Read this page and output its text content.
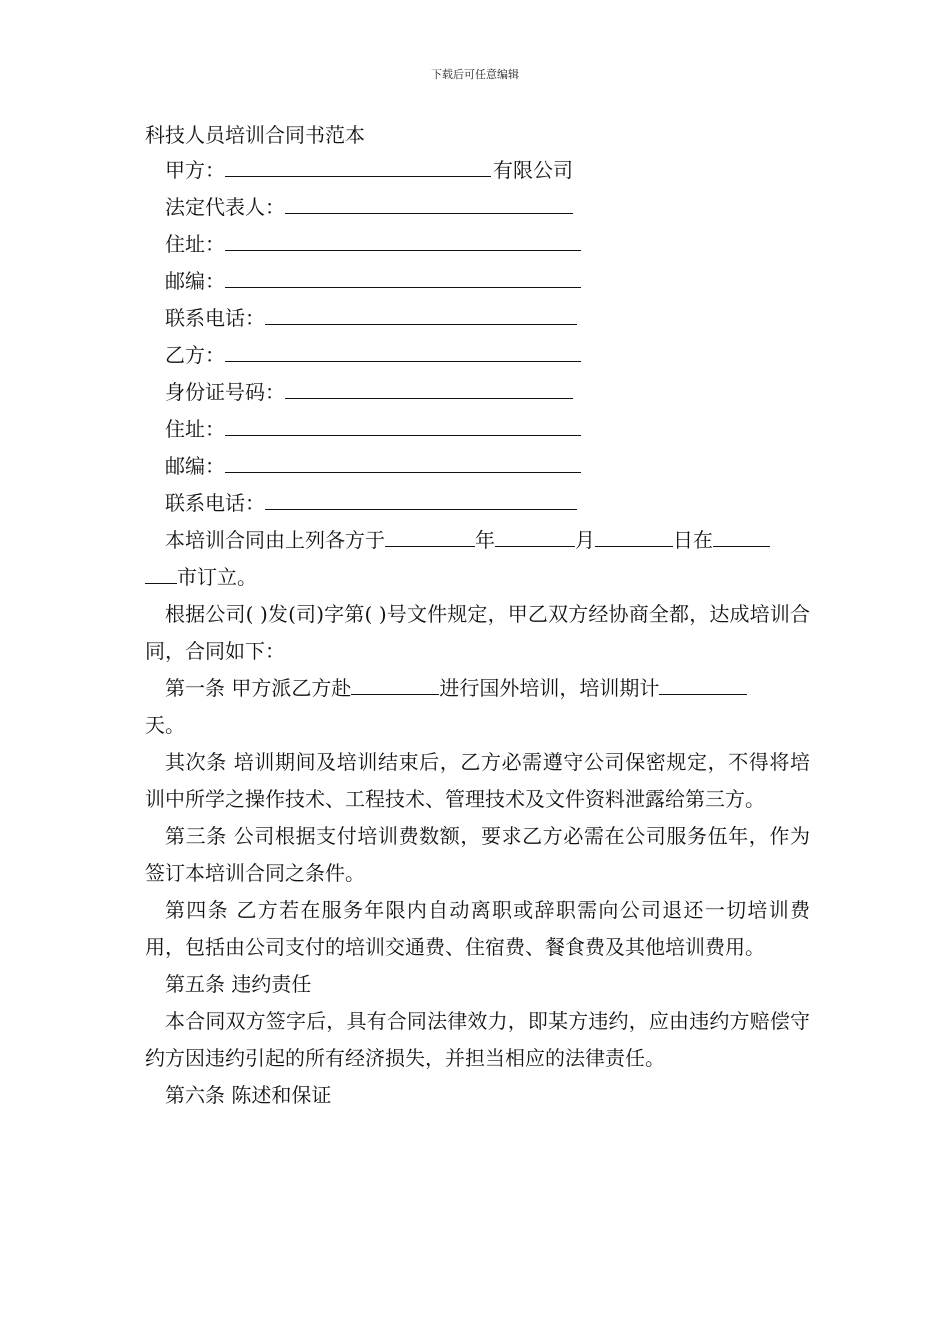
下载后可任意编辑
科技人员培训合同书范本
甲方：	有限公司
法定代表人：
住址：
邮编：
联系电话：
乙方：
身份证号码：
住址：
邮编：
联系电话：

本培训合同由上列各方于	年	月	日在
市订立。

根据公司( )发(司)字第( )号文件规定，甲乙双方经协商全都，达成培训合同，合同如下：

第一条 甲方派乙方赴	进行国外培训，培训期计
天。

其次条 培训期间及培训结束后，乙方必需遵守公司保密规定，不得将培训中所学之操作技术、工程技术、管理技术及文件资料泄露给第三方。

第三条 公司根据支付培训费数额，要求乙方必需在公司服务伍年，作为签订本培训合同之条件。

第四条 乙方若在服务年限内自动离职或辞职需向公司退还一切培训费用，包括由公司支付的培训交通费、住宿费、餐食费及其他培训费用。

第五条 违约责任

本合同双方签字后，具有合同法律效力，即某方违约，应由违约方赔偿守约方因违约引起的所有经济损失，并担当相应的法律责任。

第六条 陈述和保证
